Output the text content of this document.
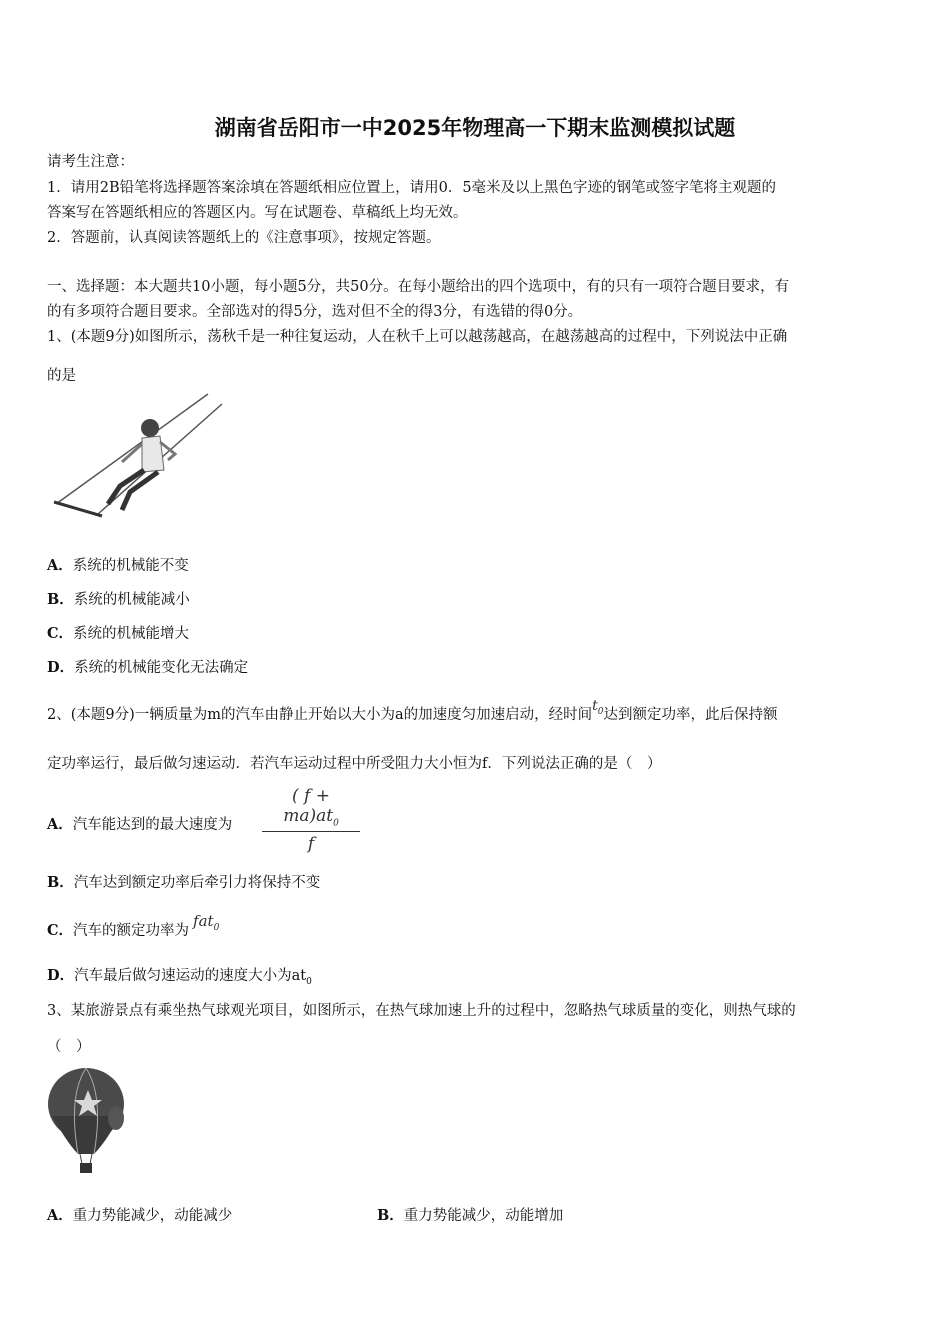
湖南省岳阳市一中2025年物理高一下期末监测模拟试题
请考生注意：
1．请用2B铅笔将选择题答案涂填在答题纸相应位置上，请用0．5毫米及以上黑色字迹的钢笔或签字笔将主观题的
答案写在答题纸相应的答题区内。写在试题卷、草稿纸上均无效。
2．答题前，认真阅读答题纸上的《注意事项》，按规定答题。
一、选择题：本大题共10小题，每小题5分，共50分。在每小题给出的四个选项中，有的只有一项符合题目要求，有
的有多项符合题目要求。全部选对的得5分，选对但不全的得3分，有选错的得0分。
1、(本题9分)如图所示，荡秋千是一种往复运动，人在秋千上可以越荡越高，在越荡越高的过程中，下列说法中正确
的是
A．系统的机械能不变
B．系统的机械能减小
C．系统的机械能增大
D．系统的机械能变化无法确定
2、(本题9分)一辆质量为m的汽车由静止开始以大小为a的加速度匀加速启动，经时间$t_0$达到额定功率，此后保持额
定功率运行，最后做匀速运动．若汽车运动过程中所受阻力大小恒为f．下列说法正确的是（　）
A．汽车能达到的最大速度为
( $f + ma)at_0$
f
B．汽车达到额定功率后牵引力将保持不变
C．汽车的额定功率为fat$_0$
D．汽车最后做匀速运动的速度大小为$at_0$
3、某旅游景点有乘坐热气球观光项目，如图所示，在热气球加速上升的过程中，忽略热气球质量的变化，则热气球的
（　）
A．重力势能减少，动能减少	B．重力势能减少，动能增加
